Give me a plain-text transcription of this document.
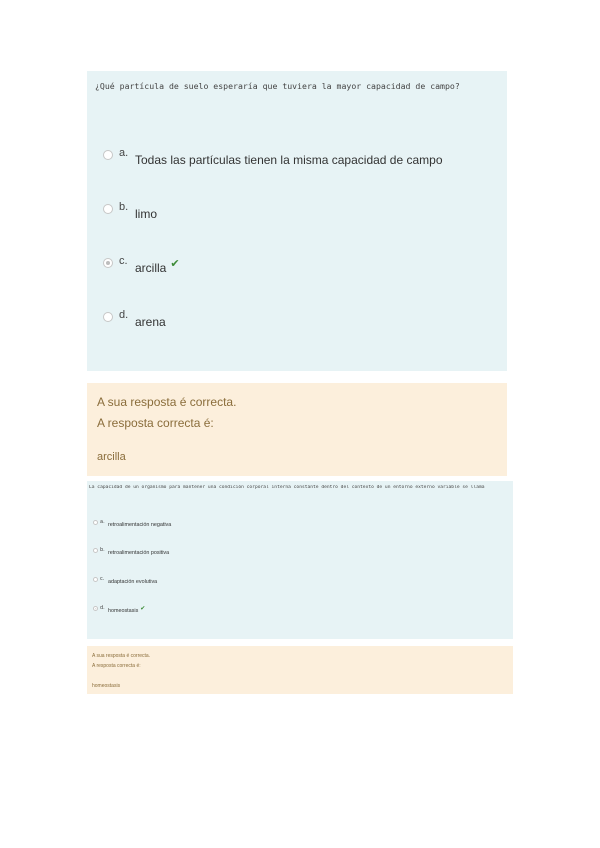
¿Qué partícula de suelo esperaría que tuviera la mayor capacidad de campo?
a. Todas las partículas tienen la misma capacidad de campo
b. limo
c. arcilla ✔
d. arena
A sua resposta é correcta.
A resposta correcta é:
arcilla
La capacidad de un organismo para mantener una condición corporal interna constante dentro del contexto de un entorno externo variable se llama
a. retroalimentación negativa
b. retroalimentación positiva
c. adaptación evolutiva
d. homeostasis ✔
A sua resposta é correcta.
A resposta correcta é:
homeostasis
